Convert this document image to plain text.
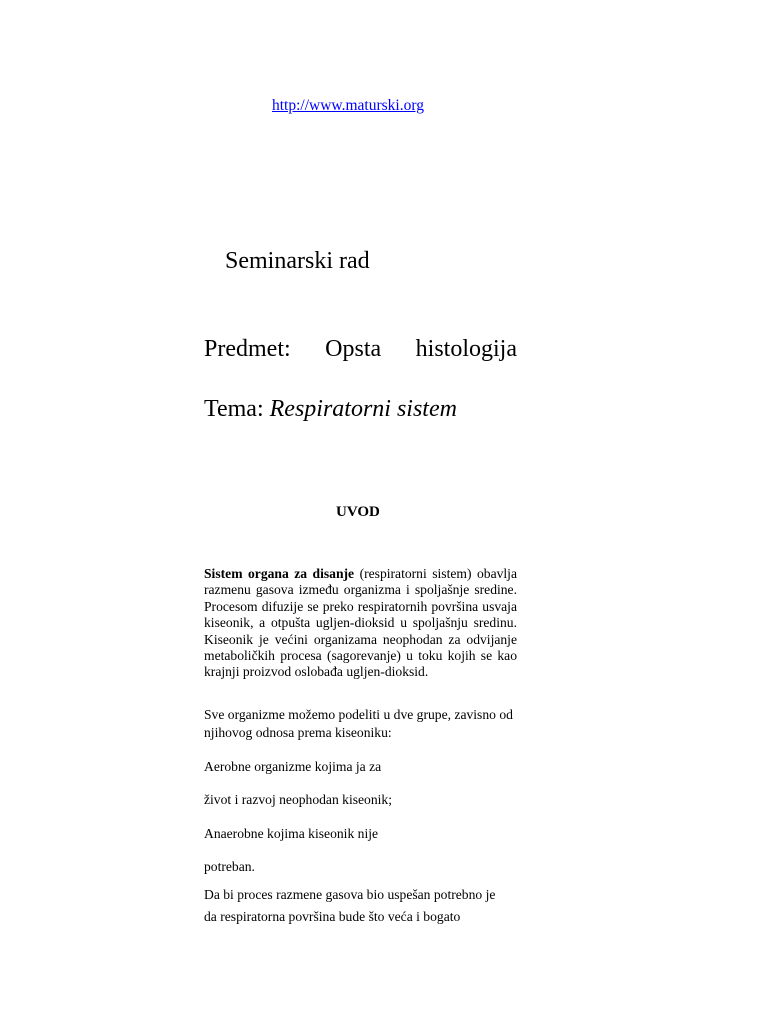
http://www.maturski.org
Seminarski rad
Predmet: Opsta histologija
Tema: Respiratorni sistem
UVOD

Sistem organa za disanje (respiratorni sistem) obavlja razmenu gasova između organizma i spoljašnje sredine. Procesom difuzije se preko respiratornih površina usvaja kiseonik, a otpušta ugljen-dioksid u spoljašnju sredinu. Kiseonik je većini organizama neophodan za odvijanje metaboličkih procesa (sagorevanje) u toku kojih se kao krajnji proizvod oslobađa ugljen-dioksid.

Sve organizme možemo podeliti u dve grupe, zavisno od njihovog odnosa prema kiseoniku:

Aerobne organizme kojima ja za
život i razvoj neophodan kiseonik;
Anaerobne kojima kiseonik nije
potreban.
Da bi proces razmene gasova bio uspešan potrebno je
da respiratorna površina bude što veća i bogato
